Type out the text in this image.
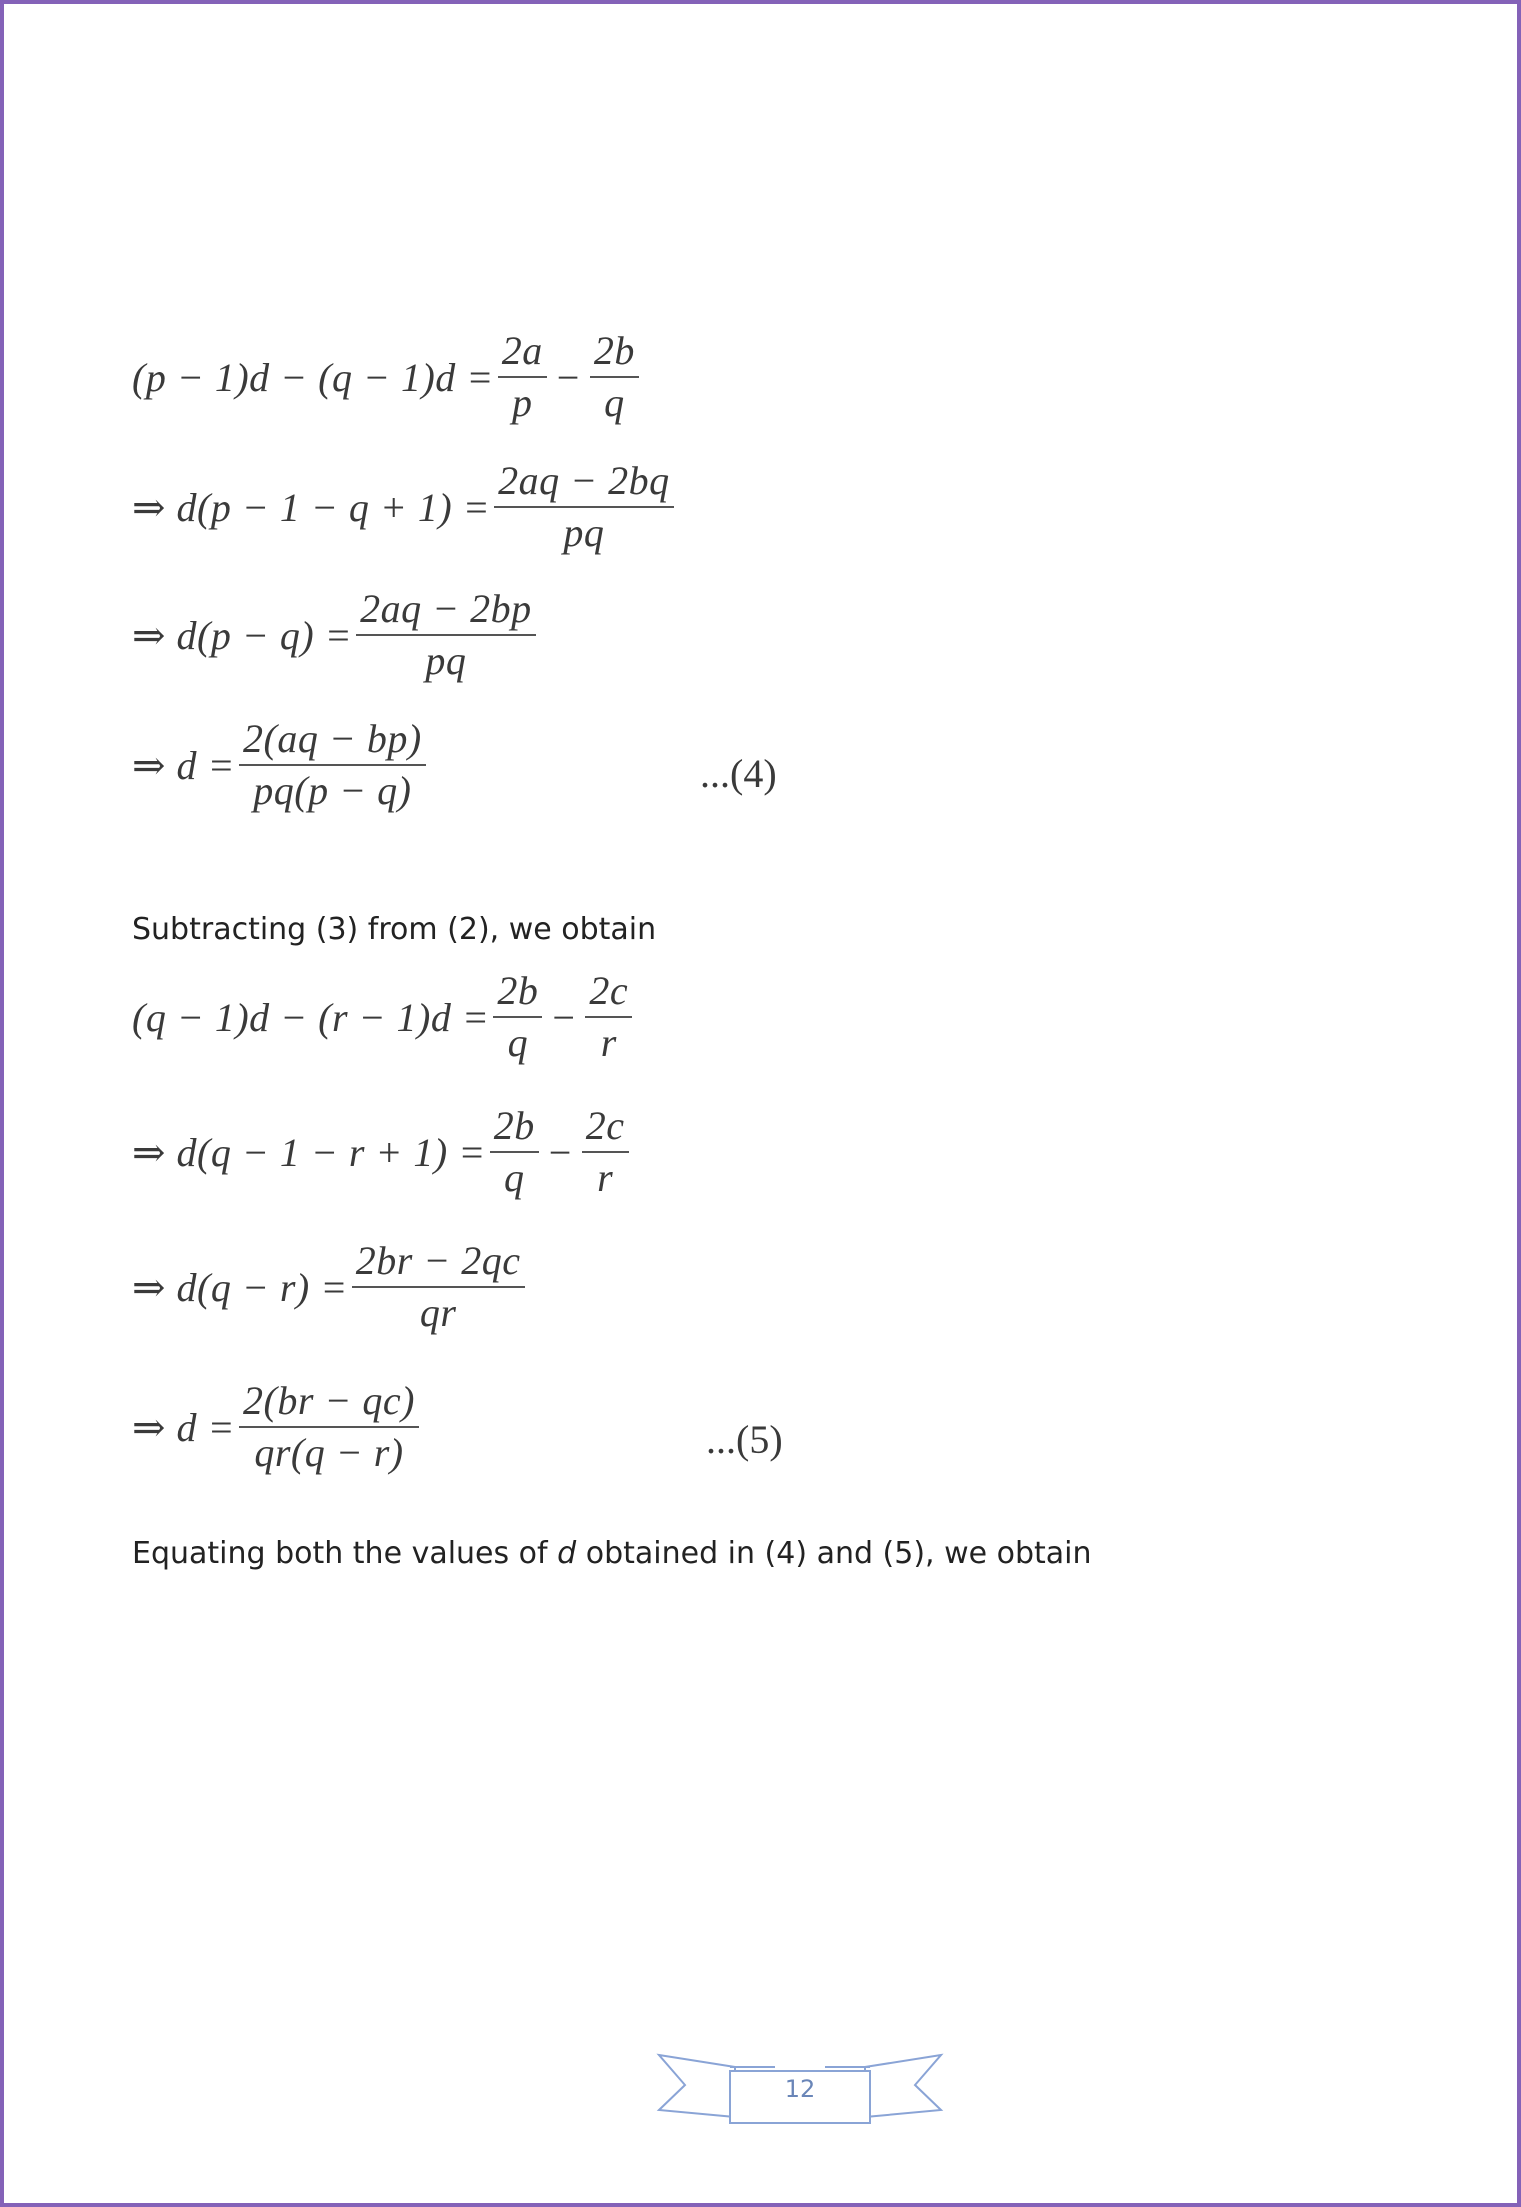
$(p - 1)d - (q - 1)d = \frac{2a}{p} - \frac{2b}{q}$
⇒ $d(p - 1 - q + 1) = \frac{2aq - 2bq}{pq}$
⇒ $d(p - q) = \frac{2aq - 2bp}{pq}$
⇒ $d = \frac{2(aq - bp)}{pq(p - q)}$	...(4)
Subtracting (3) from (2), we obtain
$(q - 1)d - (r - 1)d = \frac{2b}{q} - \frac{2c}{r}$
⇒ $d(q - 1 - r + 1) = \frac{2b}{q} - \frac{2c}{r}$
⇒ $d(q - r) = \frac{2br - 2qc}{qr}$
⇒ $d = \frac{2(br - qc)}{qr(q - r)}$	...(5)
Equating both the values of d obtained in (4) and (5), we obtain
12
